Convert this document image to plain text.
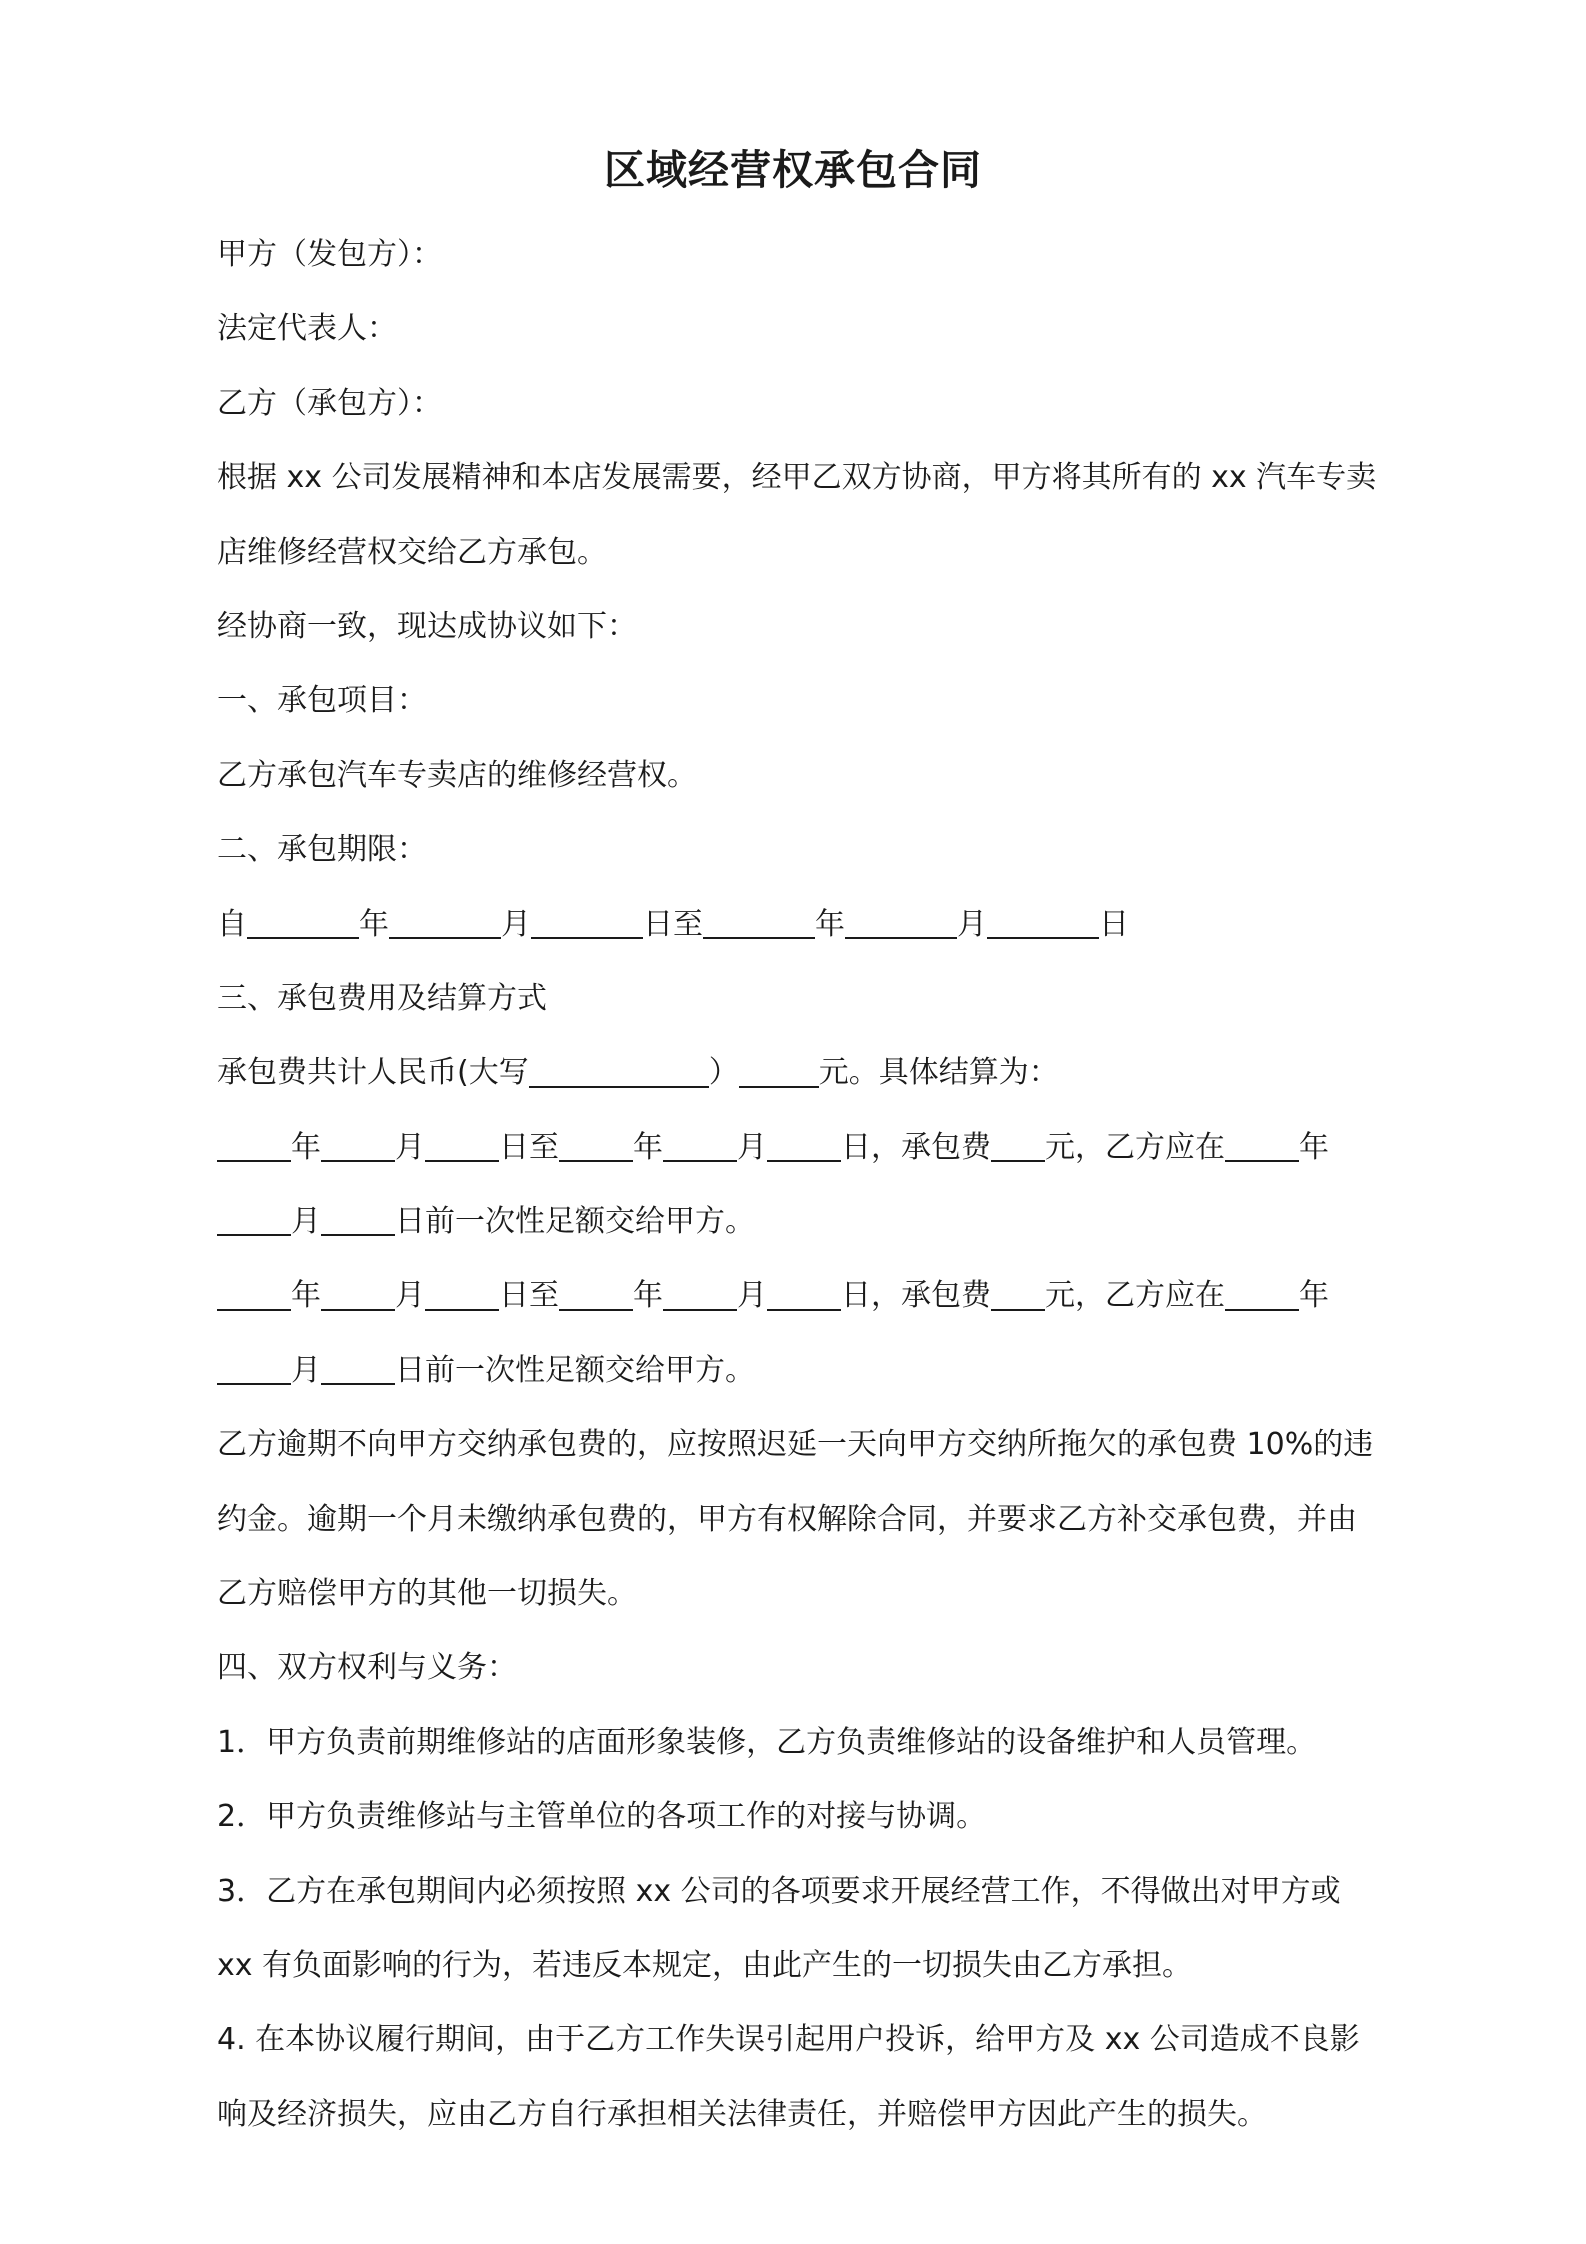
区域经营权承包合同
甲方（发包方）：
法定代表人：
乙方（承包方）：
根据 xx 公司发展精神和本店发展需要，经甲乙双方协商，甲方将其所有的 xx 汽车专卖
店维修经营权交给乙方承包。
经协商一致，现达成协议如下：
一、承包项目：
乙方承包汽车专卖店的维修经营权。
二、承包期限：
自	年	月	日至	年	月	日
三、承包费用及结算方式
承包费共计人民币(大写	）	元。具体结算为：
年 月 日至 年 月 日，承包费 元，乙方应在 年
月 日前一次性足额交给甲方。
年 月 日至 年 月 日，承包费 元，乙方应在 年
月 日前一次性足额交给甲方。
乙方逾期不向甲方交纳承包费的，应按照迟延一天向甲方交纳所拖欠的承包费 10%的违
约金。逾期一个月未缴纳承包费的，甲方有权解除合同，并要求乙方补交承包费，并由
乙方赔偿甲方的其他一切损失。
四、双方权利与义务：
1．甲方负责前期维修站的店面形象装修，乙方负责维修站的设备维护和人员管理。
2．甲方负责维修站与主管单位的各项工作的对接与协调。
3．乙方在承包期间内必须按照 xx 公司的各项要求开展经营工作，不得做出对甲方或
xx 有负面影响的行为，若违反本规定，由此产生的一切损失由乙方承担。
4. 在本协议履行期间，由于乙方工作失误引起用户投诉，给甲方及 xx 公司造成不良影
响及经济损失，应由乙方自行承担相关法律责任，并赔偿甲方因此产生的损失。
